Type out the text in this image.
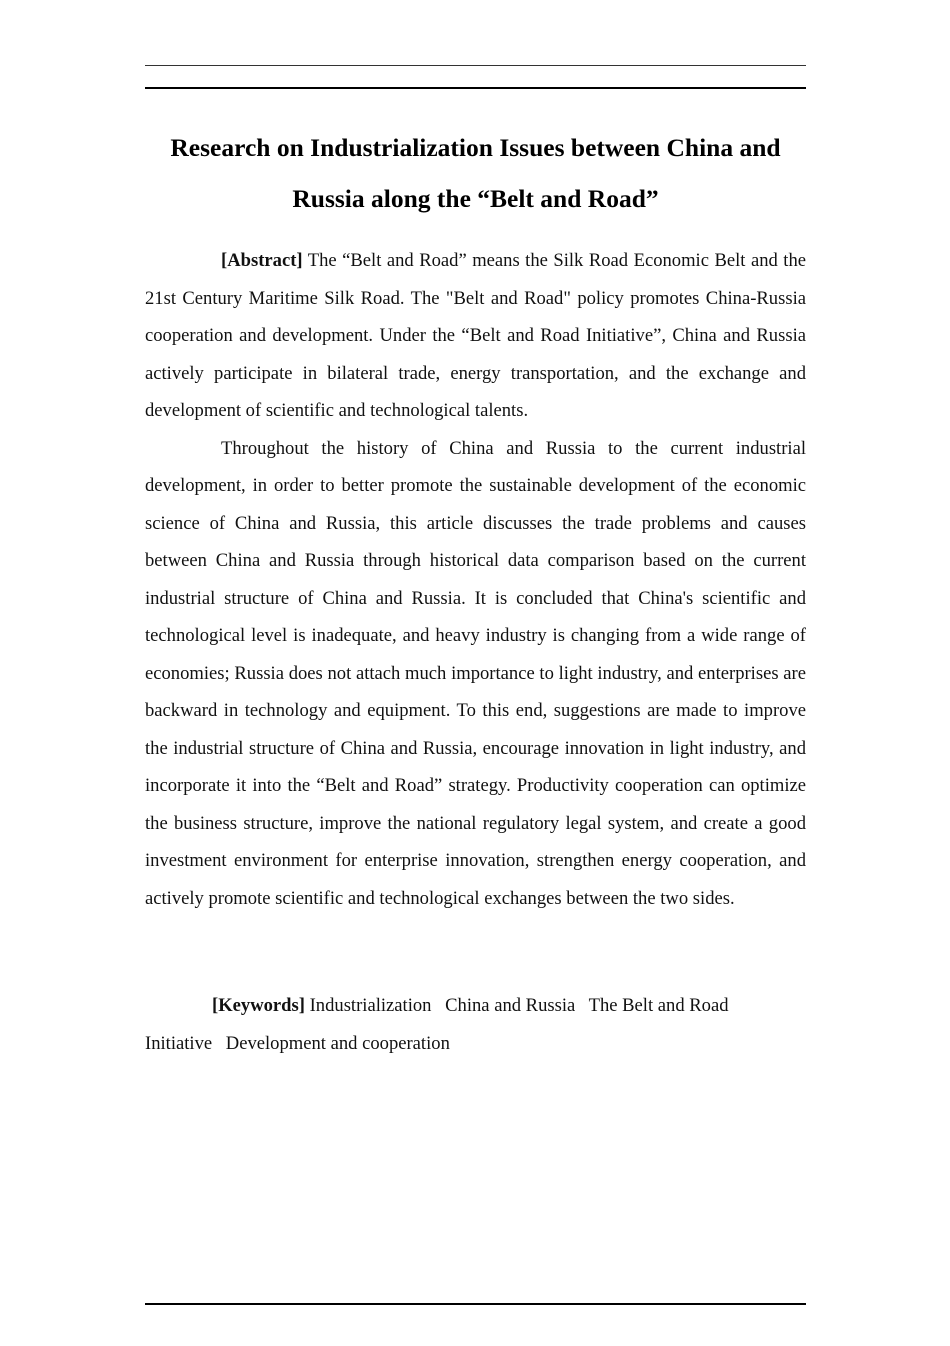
Research on Industrialization Issues between China and
Russia along the “Belt and Road”

[Abstract] The “Belt and Road” means the Silk Road Economic Belt and the 21st Century Maritime Silk Road. The "Belt and Road" policy promotes China-Russia cooperation and development. Under the “Belt and Road Initiative”, China and Russia actively participate in bilateral trade, energy transportation, and the exchange and development of scientific and technological talents.

Throughout the history of China and Russia to the current industrial development, in order to better promote the sustainable development of the economic science of China and Russia, this article discusses the trade problems and causes between China and Russia through historical data comparison based on the current industrial structure of China and Russia. It is concluded that China's scientific and technological level is inadequate, and heavy industry is changing from a wide range of economies; Russia does not attach much importance to light industry, and enterprises are backward in technology and equipment. To this end, suggestions are made to improve the industrial structure of China and Russia, encourage innovation in light industry, and incorporate it into the “Belt and Road” strategy. Productivity cooperation can optimize the business structure, improve the national regulatory legal system, and create a good investment environment for enterprise innovation, strengthen energy cooperation, and actively promote scientific and technological exchanges between the two sides.

[Keywords] Industrialization China and Russia The Belt and Road Initiative Development and cooperation
